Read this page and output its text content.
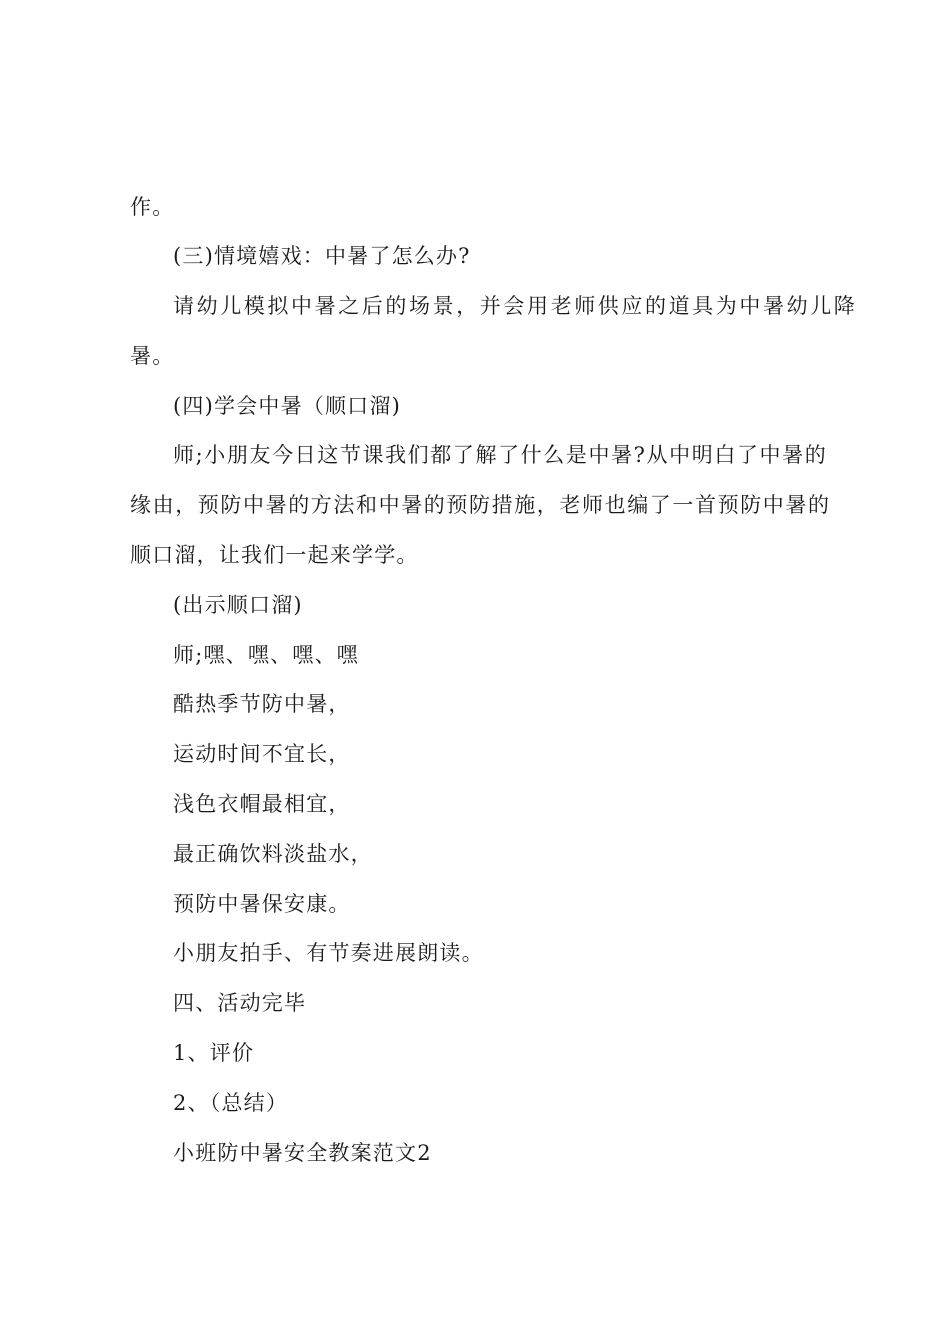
作。
(三)情境嬉戏：中暑了怎么办?
请幼儿模拟中暑之后的场景，并会用老师供应的道具为中暑幼儿降
暑。
(四)学会中暑（顺口溜)
师;小朋友今日这节课我们都了解了什么是中暑?从中明白了中暑的
缘由，预防中暑的方法和中暑的预防措施，老师也编了一首预防中暑的
顺口溜，让我们一起来学学。
(出示顺口溜)
师;嘿、嘿、嘿、嘿
酷热季节防中暑，
运动时间不宜长，
浅色衣帽最相宜，
最正确饮料淡盐水，
预防中暑保安康。
小朋友拍手、有节奏进展朗读。
四、活动完毕
1、评价
2、（总结）
小班防中暑安全教案范文2
